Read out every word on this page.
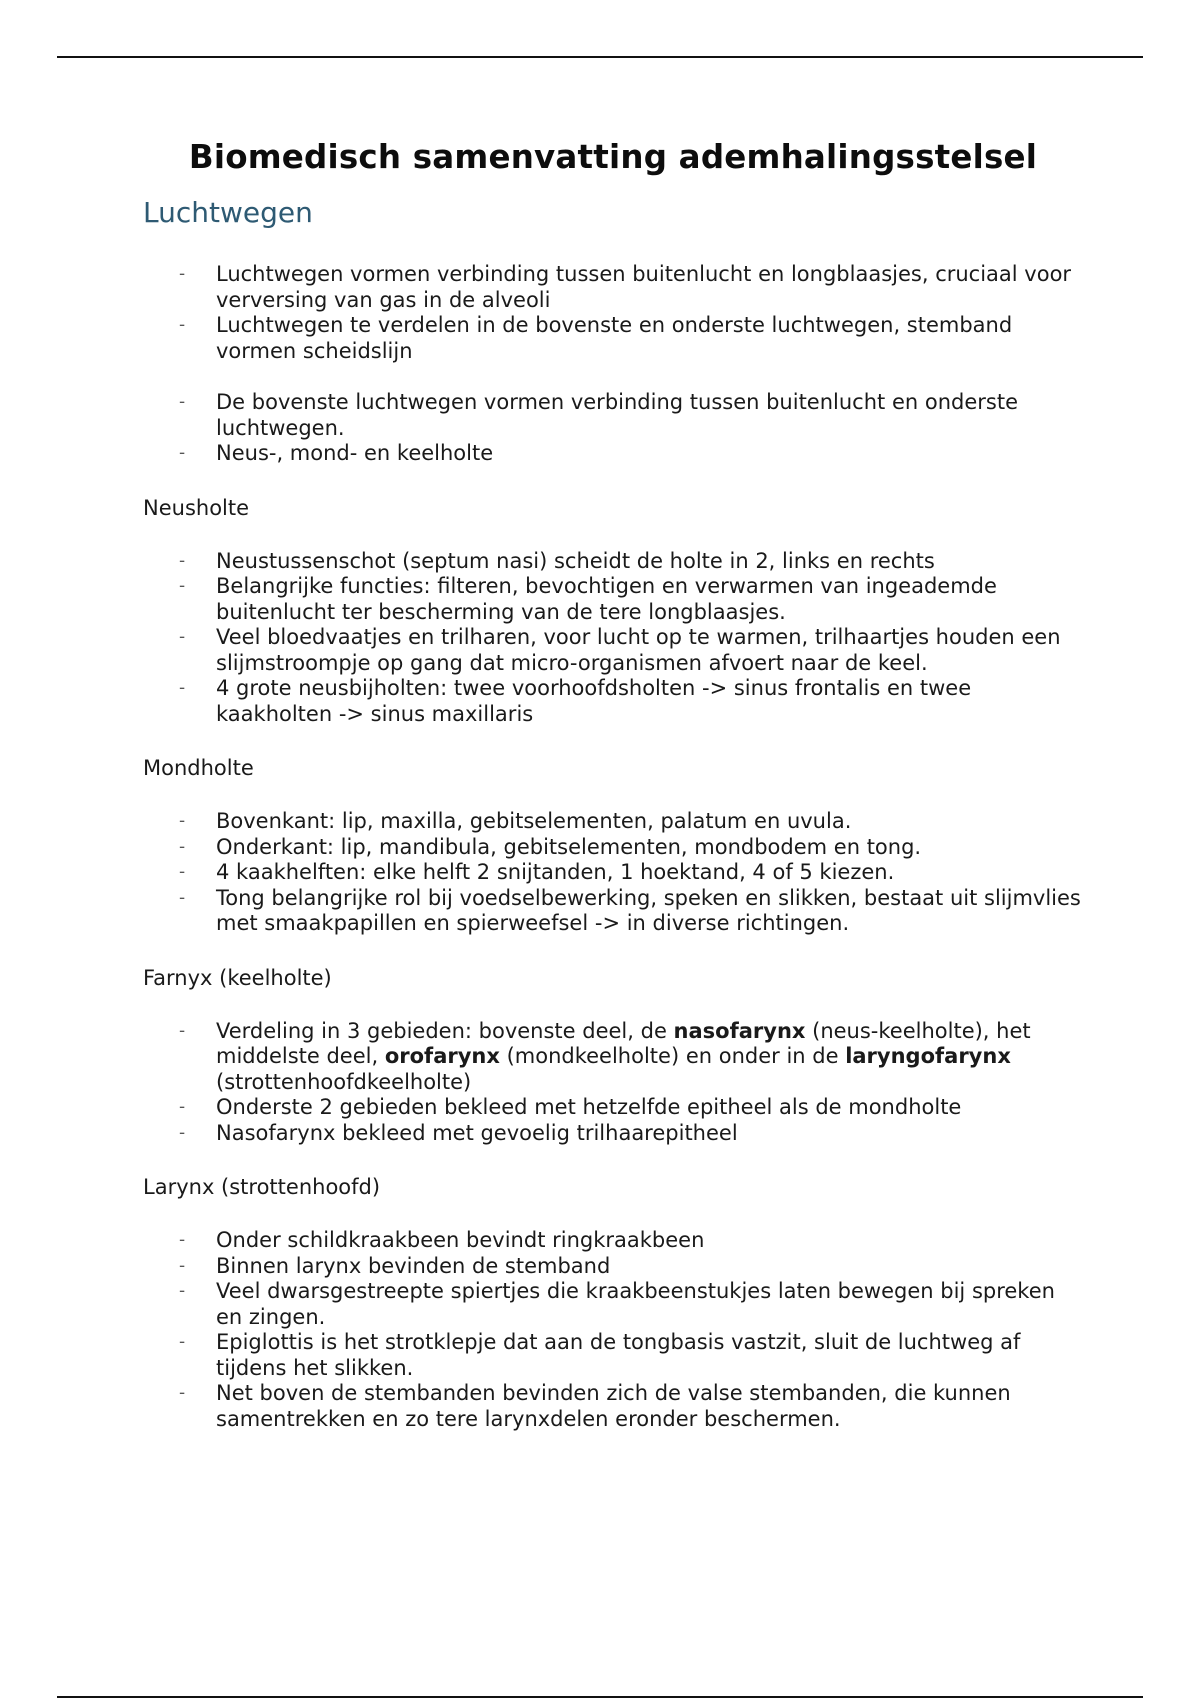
Biomedisch samenvatting ademhalingsstelsel
Luchtwegen
- Luchtwegen vormen verbinding tussen buitenlucht en longblaasjes, cruciaal voor verversing van gas in de alveoli
- Luchtwegen te verdelen in de bovenste en onderste luchtwegen, stemband vormen scheidslijn
- De bovenste luchtwegen vormen verbinding tussen buitenlucht en onderste luchtwegen.
- Neus-, mond- en keelholte

Neusholte

- Neustussenschot (septum nasi) scheidt de holte in 2, links en rechts
- Belangrijke functies: filteren, bevochtigen en verwarmen van ingeademde buitenlucht ter bescherming van de tere longblaasjes.
- Veel bloedvaatjes en trilharen, voor lucht op te warmen, trilhaartjes houden een slijmstroompje op gang dat micro-organismen afvoert naar de keel.
- 4 grote neusbijholten: twee voorhoofdsholten -> sinus frontalis en twee kaakholten -> sinus maxillaris

Mondholte

- Bovenkant: lip, maxilla, gebitselementen, palatum en uvula.
- Onderkant: lip, mandibula, gebitselementen, mondbodem en tong.
- 4 kaakhelften: elke helft 2 snijtanden, 1 hoektand, 4 of 5 kiezen.
- Tong belangrijke rol bij voedselbewerking, speken en slikken, bestaat uit slijmvlies met smaakpapillen en spierweefsel -> in diverse richtingen.

Farnyx (keelholte)

- Verdeling in 3 gebieden: bovenste deel, de nasofarynx (neus-keelholte), het middelste deel, orofarynx (mondkeelholte) en onder in de laryngofarynx (strottenhoofdkeelholte)
- Onderste 2 gebieden bekleed met hetzelfde epitheel als de mondholte
- Nasofarynx bekleed met gevoelig trilhaarepitheel

Larynx (strottenhoofd)

- Onder schildkraakbeen bevindt ringkraakbeen
- Binnen larynx bevinden de stemband
- Veel dwarsgestreepte spiertjes die kraakbeenstukjes laten bewegen bij spreken en zingen.
- Epiglottis is het strotklepje dat aan de tongbasis vastzit, sluit de luchtweg af tijdens het slikken.
- Net boven de stembanden bevinden zich de valse stembanden, die kunnen samentrekken en zo tere larynxdelen eronder beschermen.
